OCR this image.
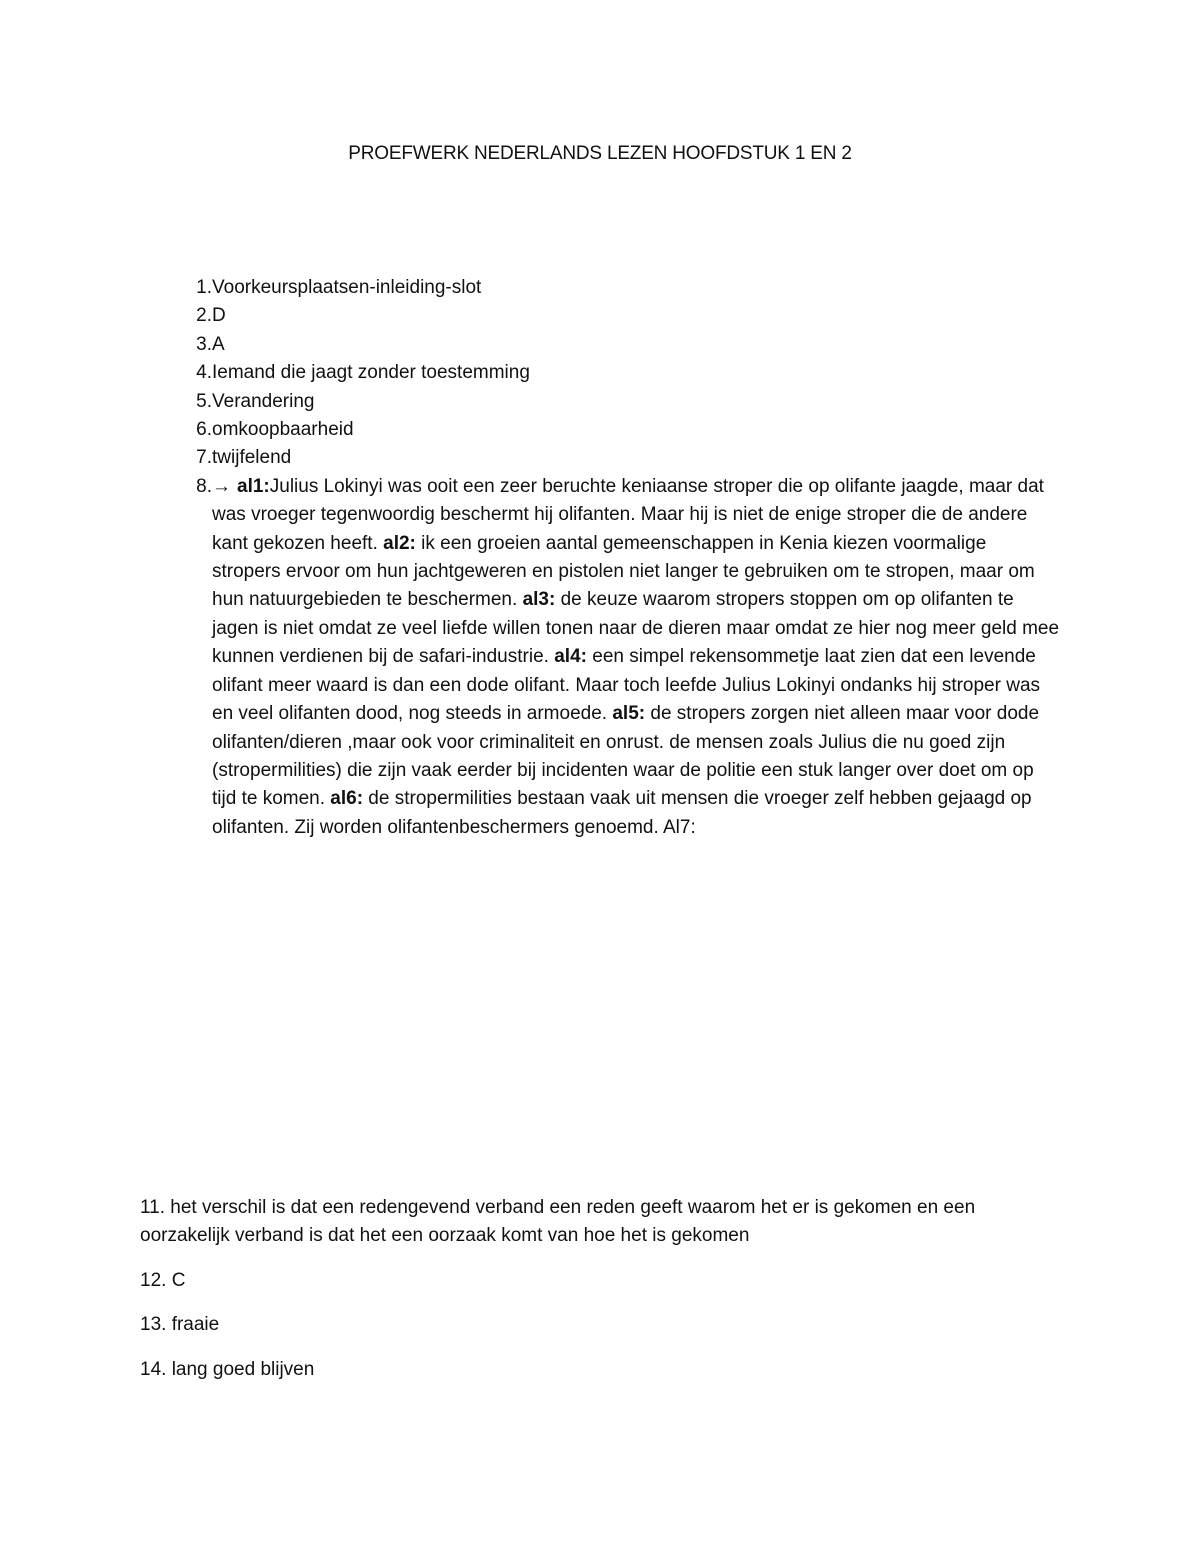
PROEFWERK NEDERLANDS LEZEN HOOFDSTUK 1 EN 2
1. Voorkeursplaatsen-inleiding-slot
2. D
3. A
4. Iemand die jaagt zonder toestemming
5. Verandering
6. omkoopbaarheid
7. twijfelend
8. → al1:Julius Lokinyi was ooit een zeer beruchte keniaanse stroper die op olifante jaagde, maar dat was vroeger tegenwoordig beschermt hij olifanten. Maar hij is niet de enige stroper die de andere kant gekozen heeft. al2: ik een groeien aantal gemeenschappen in Kenia kiezen voormalige stropers ervoor om hun jachtgeweren en pistolen niet langer te gebruiken om te stropen, maar om hun natuurgebieden te beschermen. al3: de keuze waarom stropers stoppen om op olifanten te jagen is niet omdat ze veel liefde willen tonen naar de dieren maar omdat ze hier nog meer geld mee kunnen verdienen bij de safari-industrie. al4: een simpel rekensommetje laat zien dat een levende olifant meer waard is dan een dode olifant. Maar toch leefde Julius Lokinyi ondanks hij stroper was en veel olifanten dood, nog steeds in armoede. al5: de stropers zorgen niet alleen maar voor dode olifanten/dieren ,maar ook voor criminaliteit en onrust. de mensen zoals Julius die nu goed zijn (stropermilities) die zijn vaak eerder bij incidenten waar de politie een stuk langer over doet om op tijd te komen. al6: de stropermilities bestaan vaak uit mensen die vroeger zelf hebben gejaagd op olifanten. Zij worden olifantenbeschermers genoemd. Al7:

11. het verschil is dat een redengevend verband een reden geeft waarom het er is gekomen en een oorzakelijk verband is dat het een oorzaak komt van hoe het is gekomen

12. C

13. fraaie

14. lang goed blijven
